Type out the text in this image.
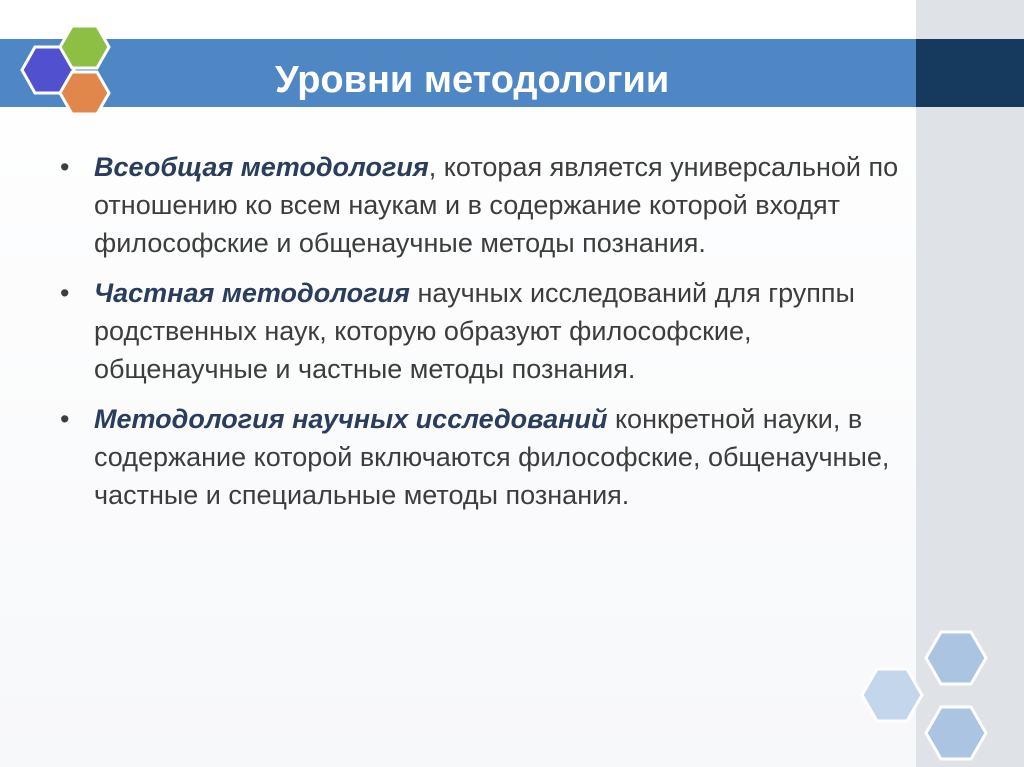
Уровни методологии
• Всеобщая методология, которая является универсальной по отношению ко всем наукам и в содержание которой входят философские и общенаучные методы познания.
• Частная методология научных исследований для группы родственных наук, которую образуют философские, общенаучные и частные методы познания.
• Методология научных исследований конкретной науки, в содержание которой включаются философские, общенаучные, частные и специальные методы познания.
